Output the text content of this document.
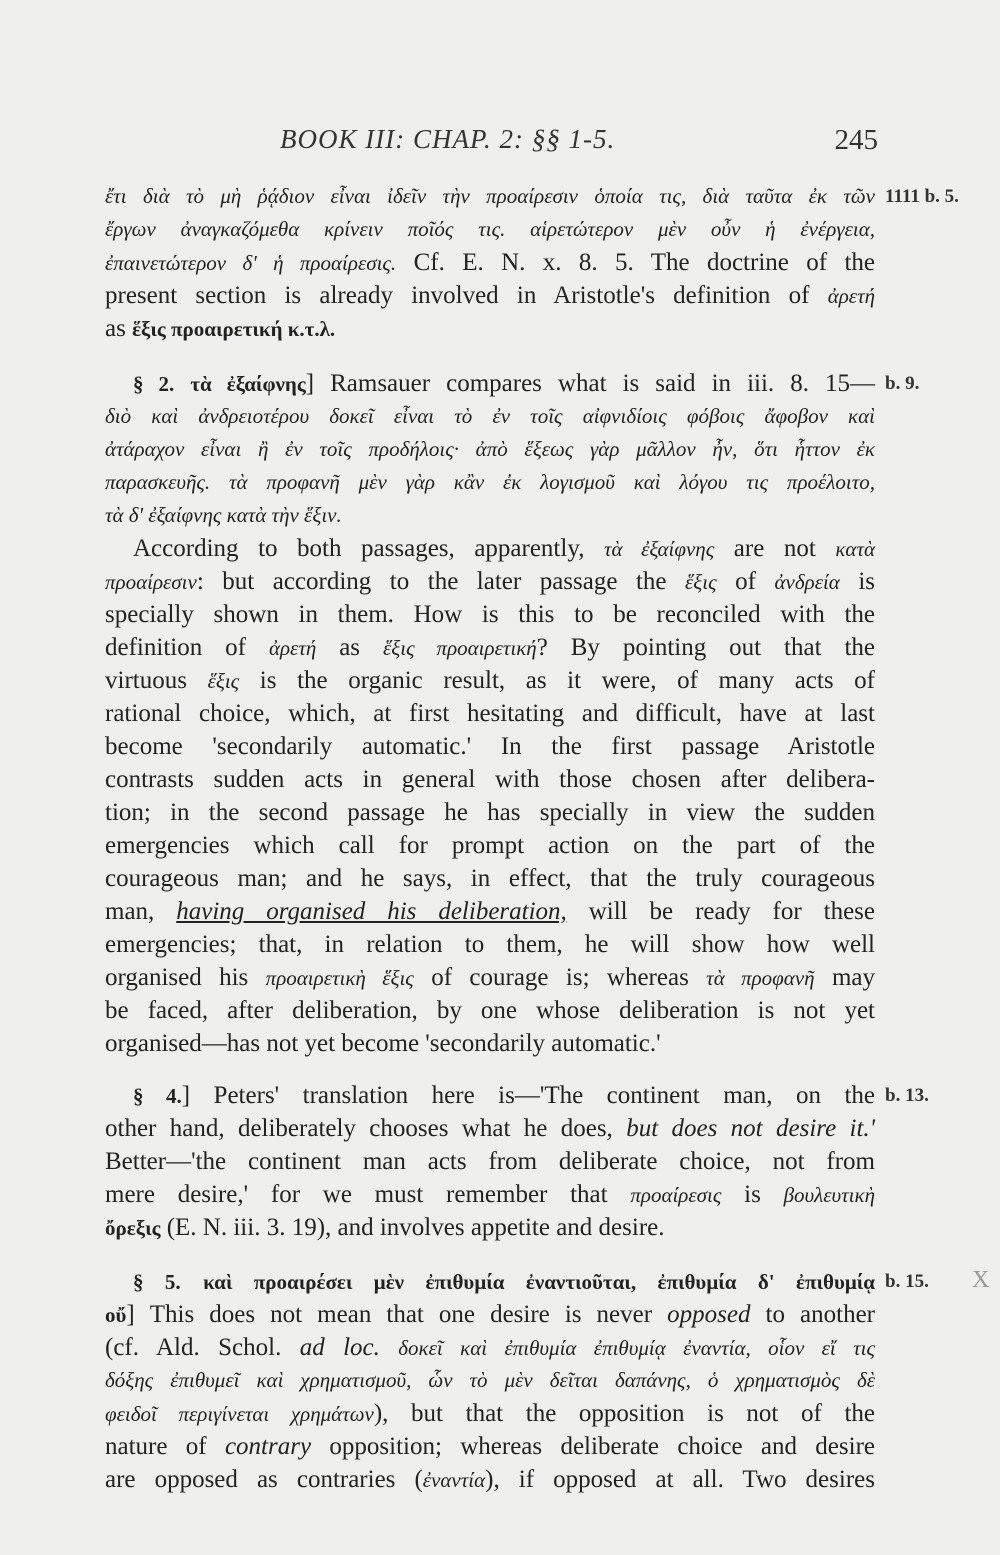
BOOK III: CHAP. 2: §§ 1-5.	245
ἔτι διὰ τὸ μὴ ῥᾴδιον εἶναι ἰδεῖν τὴν προαίρεσιν ὁποία τις, διὰ ταῦτα ἐκ τῶν
ἔργων ἀναγκαζόμεθα κρίνειν ποῖός τις. αἱρετώτερον μὲν οὖν ἡ ἐνέργεια,
ἐπαινετώτερον δ' ἡ προαίρεσις. Cf. E. N. x. 8. 5. The doctrine of the
present section is already involved in Aristotle's definition of ἀρετή
as ἕξις προαιρετική κ.τ.λ.
§ 2. τὰ ἐξαίφνης] Ramsauer compares what is said in iii. 8. 15—
διὸ καὶ ἀνδρειοτέρου δοκεῖ εἶναι τὸ ἐν τοῖς αἰφνιδίοις φόβοις ἄφοβον καὶ
ἀτάραχον εἶναι ἢ ἐν τοῖς προδήλοις· ἀπὸ ἕξεως γὰρ μᾶλλον ἦν, ὅτι ἧττον ἐκ
παρασκευῆς. τὰ προφανῆ μὲν γὰρ κἂν ἐκ λογισμοῦ καὶ λόγου τις προέλοιτο,
τὰ δ' ἐξαίφνης κατὰ τὴν ἕξιν.
According to both passages, apparently, τὰ ἐξαίφνης are not κατὰ
προαίρεσιν: but according to the later passage the ἕξις of ἀνδρεία is
specially shown in them. How is this to be reconciled with the
definition of ἀρετή as ἕξις προαιρετική? By pointing out that the
virtuous ἕξις is the organic result, as it were, of many acts of
rational choice, which, at first hesitating and difficult, have at last
become 'secondarily automatic.' In the first passage Aristotle
contrasts sudden acts in general with those chosen after delibera-
tion; in the second passage he has specially in view the sudden
emergencies which call for prompt action on the part of the
courageous man; and he says, in effect, that the truly courageous
man, having organised his deliberation, will be ready for these
emergencies; that, in relation to them, he will show how well
organised his προαιρετικὴ ἕξις of courage is; whereas τὰ προφανῆ may
be faced, after deliberation, by one whose deliberation is not yet
organised—has not yet become 'secondarily automatic.'
§ 4.] Peters' translation here is—'The continent man, on the
other hand, deliberately chooses what he does, but does not desire it.'
Better—'the continent man acts from deliberate choice, not from
mere desire,' for we must remember that προαίρεσις is βουλευτικὴ
ὄρεξις (E. N. iii. 3. 19), and involves appetite and desire.
§ 5. καὶ προαιρέσει μὲν ἐπιθυμία ἐναντιοῦται, ἐπιθυμία δ' ἐπιθυμίᾳ
οὔ] This does not mean that one desire is never opposed to another
(cf. Ald. Schol. ad loc. δοκεῖ καὶ ἐπιθυμία ἐπιθυμίᾳ ἐναντία, οἷον εἴ τις
δόξης ἐπιθυμεῖ καὶ χρηματισμοῦ, ὧν τὸ μὲν δεῖται δαπάνης, ὁ χρηματισμὸς δὲ
φειδοῖ περιγίνεται χρημάτων), but that the opposition is not of the
nature of contrary opposition; whereas deliberate choice and desire
are opposed as contraries (ἐναντία), if opposed at all. Two desires
1111 b. 5.
b. 9.
b. 13.
b. 15. X
